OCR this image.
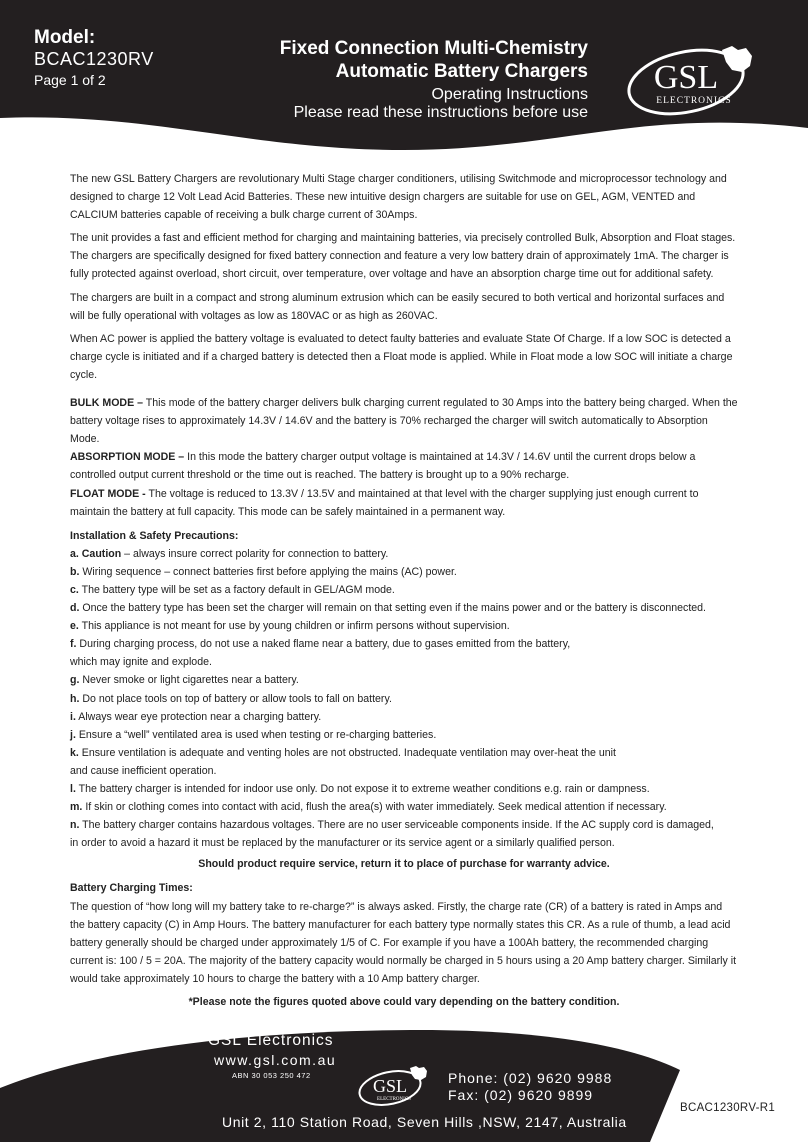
Model:
BCAC1230RV
Page 1 of 2
Fixed Connection Multi-Chemistry
Automatic Battery Chargers
Operating Instructions
Please read these instructions before use
GSL
ELECTRONICS

The new GSL Battery Chargers are revolutionary Multi Stage charger conditioners, utilising Switchmode and microprocessor technology and designed to charge 12 Volt Lead Acid Batteries. These new intuitive design chargers are suitable for use on GEL, AGM, VENTED and CALCIUM batteries capable of receiving a bulk charge current of 30Amps.

The unit provides a fast and efficient method for charging and maintaining batteries, via precisely controlled Bulk, Absorption and Float stages. The chargers are specifically designed for fixed battery connection and feature a very low battery drain of approximately 1mA. The charger is fully protected against overload, short circuit, over temperature, over voltage and have an absorption charge time out for additional safety.

The chargers are built in a compact and strong aluminum extrusion which can be easily secured to both vertical and horizontal surfaces and will be fully operational with voltages as low as 180VAC or as high as 260VAC.

When AC power is applied the battery voltage is evaluated to detect faulty batteries and evaluate State Of Charge. If a low SOC is detected a charge cycle is initiated and if a charged battery is detected then a Float mode is applied. While in Float mode a low SOC will initiate a charge cycle.

BULK MODE – This mode of the battery charger delivers bulk charging current regulated to 30 Amps into the battery being charged. When the battery voltage rises to approximately 14.3V / 14.6V and the battery is 70% recharged the charger will switch automatically to Absorption Mode.

ABSORPTION MODE – In this mode the battery charger output voltage is maintained at 14.3V / 14.6V until the current drops below a controlled output current threshold or the time out is reached. The battery is brought up to a 90% recharge.

FLOAT MODE - The voltage is reduced to 13.3V / 13.5V and maintained at that level with the charger supplying just enough current to maintain the battery at full capacity. This mode can be safely maintained in a permanent way.

Installation & Safety Precautions:
a. Caution – always insure correct polarity for connection to battery.
b. Wiring sequence – connect batteries first before applying the mains (AC) power.
c. The battery type will be set as a factory default in GEL/AGM mode.
d. Once the battery type has been set the charger will remain on that setting even if the mains power and or the battery is disconnected.
e. This appliance is not meant for use by young children or infirm persons without supervision.
f. During charging process, do not use a naked flame near a battery, due to gases emitted from the battery,
which may ignite and explode.
g. Never smoke or light cigarettes near a battery.
h. Do not place tools on top of battery or allow tools to fall on battery.
i. Always wear eye protection near a charging battery.
j. Ensure a “well” ventilated area is used when testing or re-charging batteries.
k. Ensure ventilation is adequate and venting holes are not obstructed. Inadequate ventilation may over-heat the unit
and cause inefficient operation.
l. The battery charger is intended for indoor use only. Do not expose it to extreme weather conditions e.g. rain or dampness.
m. If skin or clothing comes into contact with acid, flush the area(s) with water immediately. Seek medical attention if necessary.
n. The battery charger contains hazardous voltages. There are no user serviceable components inside. If the AC supply cord is damaged,
in order to avoid a hazard it must be replaced by the manufacturer or its service agent or a similarly qualified person.
Should product require service, return it to place of purchase for warranty advice.
Battery Charging Times:

The question of “how long will my battery take to re-charge?” is always asked. Firstly, the charge rate (CR) of a battery is rated in Amps and the battery capacity (C) in Amp Hours. The battery manufacturer for each battery type normally states this CR. As a rule of thumb, a lead acid battery generally should be charged under approximately 1/5 of C. For example if you have a 100Ah battery, the recommended charging current is: 100 / 5 = 20A. The majority of the battery capacity would normally be charged in 5 hours using a 20 Amp battery charger. Similarly it would take approximately 10 hours to charge the battery with a 10 Amp battery charger.

*Please note the figures quoted above could vary depending on the battery condition.
GSL Electronics
www.gsl.com.au
ABN 30 053 250 472
GSL
ELECTRONICS
Phone: (02) 9620 9988
Fax: (02) 9620 9899
Unit 2, 110 Station Road, Seven Hills ,NSW, 2147, Australia
BCAC1230RV-R1
